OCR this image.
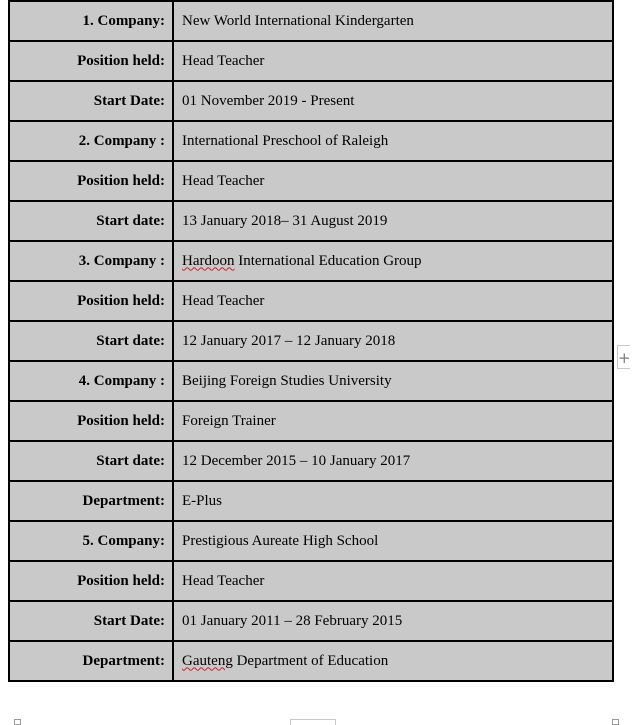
1. Company:	New World International Kindergarten
Position held:	Head Teacher
Start Date:	01 November 2019 - Present
2. Company :	International Preschool of Raleigh
Position held:	Head Teacher
Start date:	13 January 2018– 31 August 2019
3. Company :	Hardoon International Education Group
Position held:	Head Teacher
Start date:	12 January 2017 – 12 January 2018
4. Company :	Beijing Foreign Studies University
Position held:	Foreign Trainer
Start date:	12 December 2015 – 10 January 2017
Department:	E-Plus
5. Company:	Prestigious Aureate High School
Position held:	Head Teacher
Start Date:	01 January 2011 – 28 February 2015
Department:	Gauteng Department of Education
+
